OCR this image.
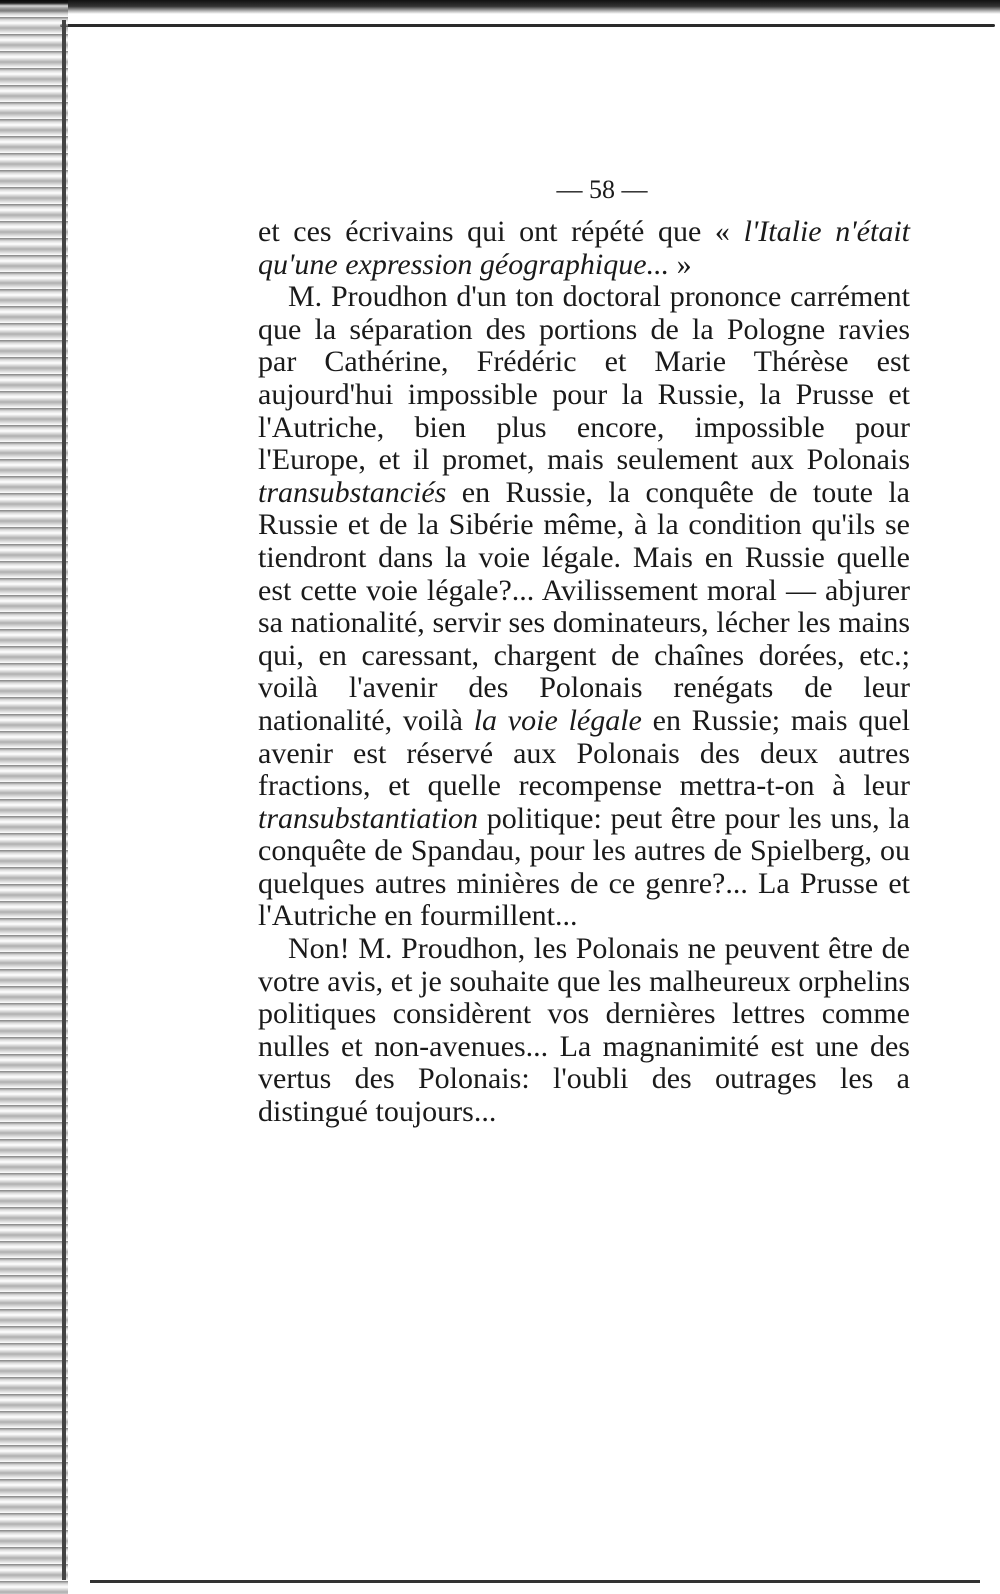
— 58 —

et ces écrivains qui ont répété que « l'Italie n'était qu'une expression géographique... »

M. Proudhon d'un ton doctoral prononce carrément que la séparation des portions de la Pologne ravies par Cathérine, Frédéric et Marie Thérèse est aujourd'hui impossible pour la Russie, la Prusse et l'Autriche, bien plus encore, impossible pour l'Europe, et il promet, mais seulement aux Polonais transubstanciés en Russie, la conquête de toute la Russie et de la Sibérie même, à la condition qu'ils se tiendront dans la voie légale. Mais en Russie quelle est cette voie légale?... Avilissement moral — abjurer sa nationalité, servir ses dominateurs, lécher les mains qui, en caressant, chargent de chaînes dorées, etc.; voilà l'avenir des Polonais renégats de leur nationalité, voilà la voie légale en Russie; mais quel avenir est réservé aux Polonais des deux autres fractions, et quelle recompense mettra-t-on à leur transubstantiation politique: peut être pour les uns, la conquête de Spandau, pour les autres de Spielberg, ou quelques autres minières de ce genre?... La Prusse et l'Autriche en fourmillent...

Non! M. Proudhon, les Polonais ne peuvent être de votre avis, et je souhaite que les malheureux orphelins politiques considèrent vos dernières lettres comme nulles et non-avenues... La magnanimité est une des vertus des Polonais: l'oubli des outrages les a distingué toujours...
